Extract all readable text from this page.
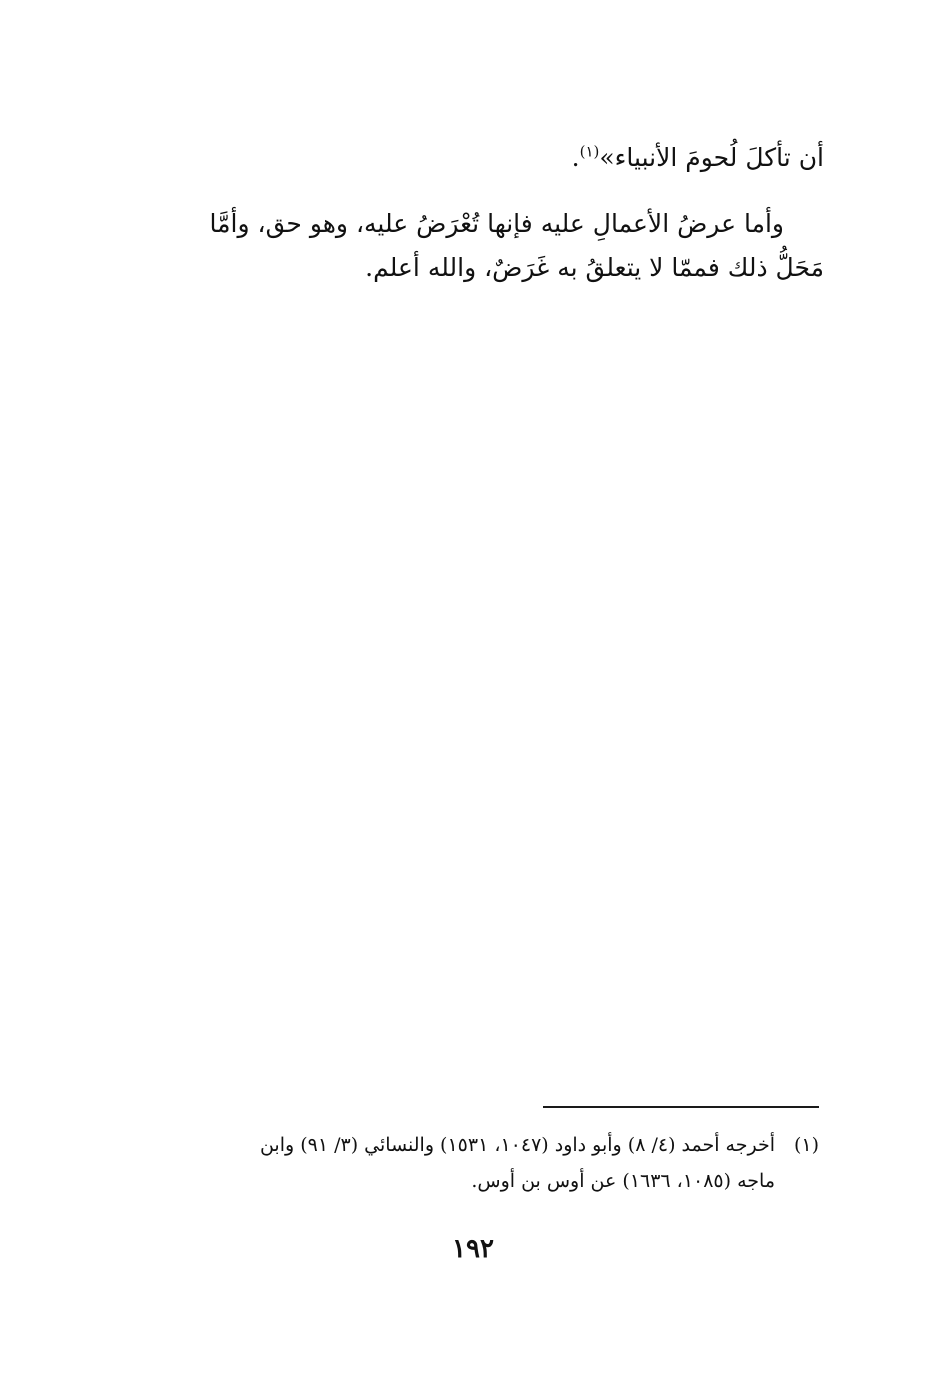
أن تأكلَ لُحومَ الأنبياء»$^{(١)}$.
وأما عرضُ الأعمالِ عليه فإنها تُعْرَضُ عليه، وهو حق، وأمَّا
مَحَلُّ ذلك فممّا لا يتعلقُ به غَرَضٌ، والله أعلم.
(١)أخرجه أحمد (٤/ ٨) وأبو داود (١٠٤٧، ١٥٣١) والنسائي (٣/ ٩١) وابن
ماجه (١٠٨٥، ١٦٣٦) عن أوس بن أوس.
١٩٢
